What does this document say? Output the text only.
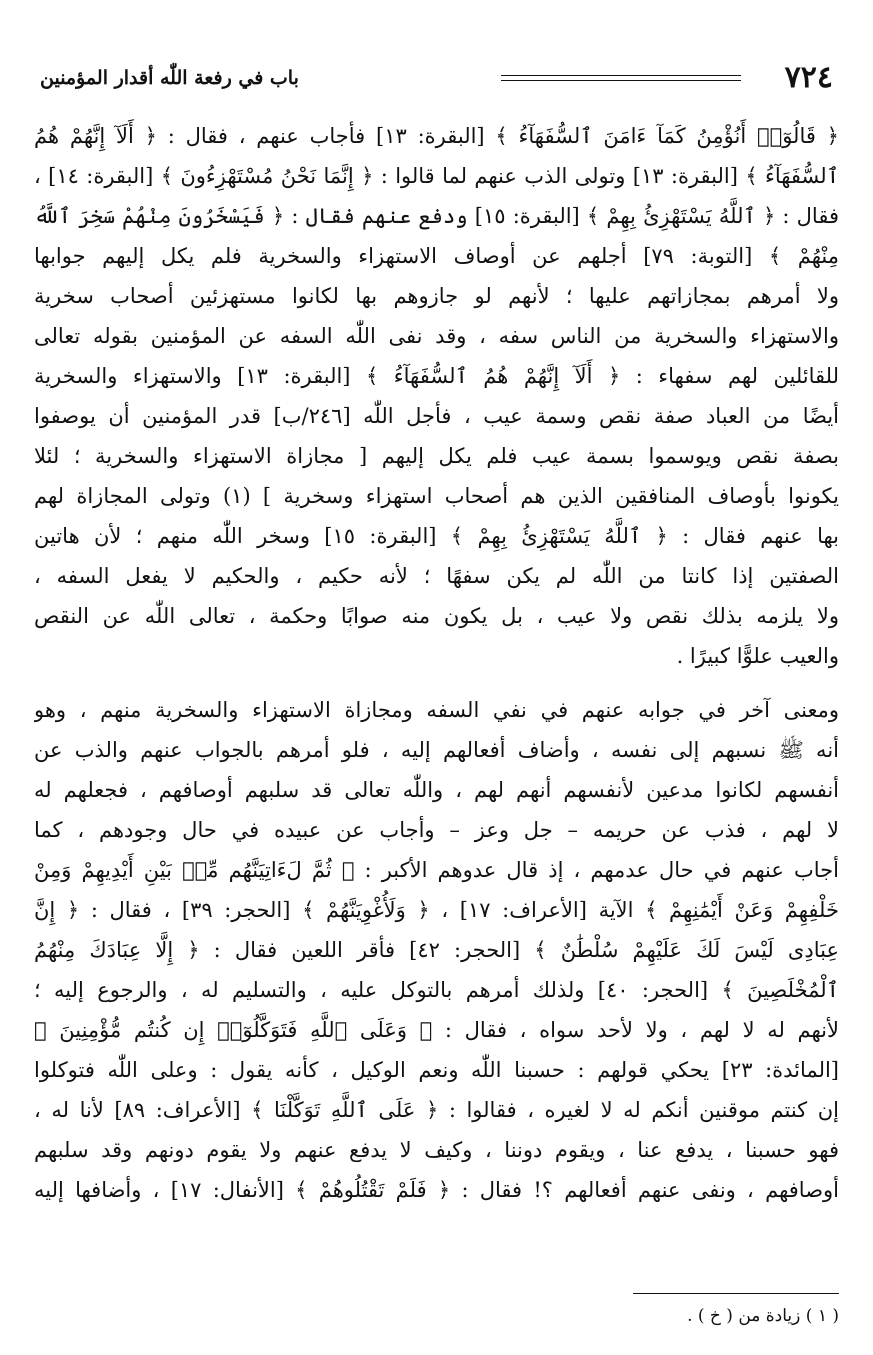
٧٢٤
باب في رفعة اللّٰه أقدار المؤمنين
﴿ قَالُوٓا۟ أَنُؤْمِنُ كَمَآ ءَامَنَ ٱلسُّفَهَآءُ ﴾ [البقرة: ١٣] فأجاب عنهم ، فقال : ﴿ أَلَآ إِنَّهُمْ هُمُ
ٱلسُّفَهَآءُ ﴾ [البقرة: ١٣] وتولى الذب عنهم لما قالوا : ﴿ إِنَّمَا نَحْنُ مُسْتَهْزِءُونَ ﴾ [البقرة: ١٤] ،
فقال : ﴿ ٱللَّهُ يَسْتَهْزِئُ بِهِمْ ﴾ [البقرة: ١٥] ودفع عنهم فقال : ﴿ فَيَسْخَرُونَ مِنْهُمْ سَخِرَ ٱللَّهُ
مِنْهُمْ ﴾ [التوبة: ٧٩] أجلهم عن أوصاف الاستهزاء والسخرية فلم يكل إليهم جوابها
ولا أمرهم بمجازاتهم عليها ؛ لأنهم لو جازوهم بها لكانوا مستهزئين أصحاب سخرية
والاستهزاء والسخرية من الناس سفه ، وقد نفى اللّٰه السفه عن المؤمنين بقوله تعالى
للقائلين لهم سفهاء : ﴿ أَلَآ إِنَّهُمْ هُمُ ٱلسُّفَهَآءُ ﴾ [البقرة: ١٣] والاستهزاء والسخرية
أيضًا من العباد صفة نقص وسمة عيب ، فأجل اللّٰه [٢٤٦/ب] قدر المؤمنين أن يوصفوا
بصفة نقص ويوسموا بسمة عيب فلم يكل إليهم [ مجازاة الاستهزاء والسخرية ؛ لئلا
يكونوا بأوصاف المنافقين الذين هم أصحاب استهزاء وسخرية ] (١) وتولى المجازاة لهم
بها عنهم فقال : ﴿ ٱللَّهُ يَسْتَهْزِئُ بِهِمْ ﴾ [البقرة: ١٥] وسخر اللّٰه منهم ؛ لأن هاتين
الصفتين إذا كانتا من اللّٰه لم يكن سفهًا ؛ لأنه حكيم ، والحكيم لا يفعل السفه ،
ولا يلزمه بذلك نقص ولا عيب ، بل يكون منه صوابًا وحكمة ، تعالى اللّٰه عن النقص
والعيب علوًّا كبيرًا .
ومعنى آخر في جوابه عنهم في نفي السفه ومجازاة الاستهزاء والسخرية منهم ، وهو
أنه ﷺ نسبهم إلى نفسه ، وأضاف أفعالهم إليه ، فلو أمرهم بالجواب عنهم والذب عن
أنفسهم لكانوا مدعين لأنفسهم أنهم لهم ، واللّٰه تعالى قد سلبهم أوصافهم ، فجعلهم له
لا لهم ، فذب عن حريمه – جل وعز – وأجاب عن عبيده في حال وجودهم ، كما
أجاب عنهم في حال عدمهم ، إذ قال عدوهم الأكبر : ﴿ ثُمَّ لَءَاتِيَنَّهُم مِّنۢ بَيْنِ أَيْدِيهِمْ وَمِنْ
خَلْفِهِمْ وَعَنْ أَيْمَٰنِهِمْ ﴾ الآية [الأعراف: ١٧] ، ﴿ وَلَأُغْوِيَنَّهُمْ ﴾ [الحجر: ٣٩] ، فقال : ﴿ إِنَّ
عِبَادِى لَيْسَ لَكَ عَلَيْهِمْ سُلْطَٰنٌ ﴾ [الحجر: ٤٢] فأقر اللعين فقال : ﴿ إِلَّا عِبَادَكَ مِنْهُمُ
ٱلْمُخْلَصِينَ ﴾ [الحجر: ٤٠] ولذلك أمرهم بالتوكل عليه ، والتسليم له ، والرجوع إليه ؛
لأنهم له لا لهم ، ولا لأحد سواه ، فقال : ﴿ وَعَلَى ٱللَّهِ فَتَوَكَّلُوٓا۟ إِن كُنتُم مُّؤْمِنِينَ ﴾
[المائدة: ٢٣] يحكي قولهم : حسبنا اللّٰه ونعم الوكيل ، كأنه يقول : وعلى اللّٰه فتوكلوا
إن كنتم موقنين أنكم له لا لغيره ، فقالوا : ﴿ عَلَى ٱللَّهِ تَوَكَّلْنَا ﴾ [الأعراف: ٨٩] لأنا له ،
فهو حسبنا ، يدفع عنا ، ويقوم دوننا ، وكيف لا يدفع عنهم ولا يقوم دونهم وقد سلبهم
أوصافهم ، ونفى عنهم أفعالهم ؟! فقال : ﴿ فَلَمْ تَقْتُلُوهُمْ ﴾ [الأنفال: ١٧] ، وأضافها إليه
( ١ ) زيادة من ( خ ) .
